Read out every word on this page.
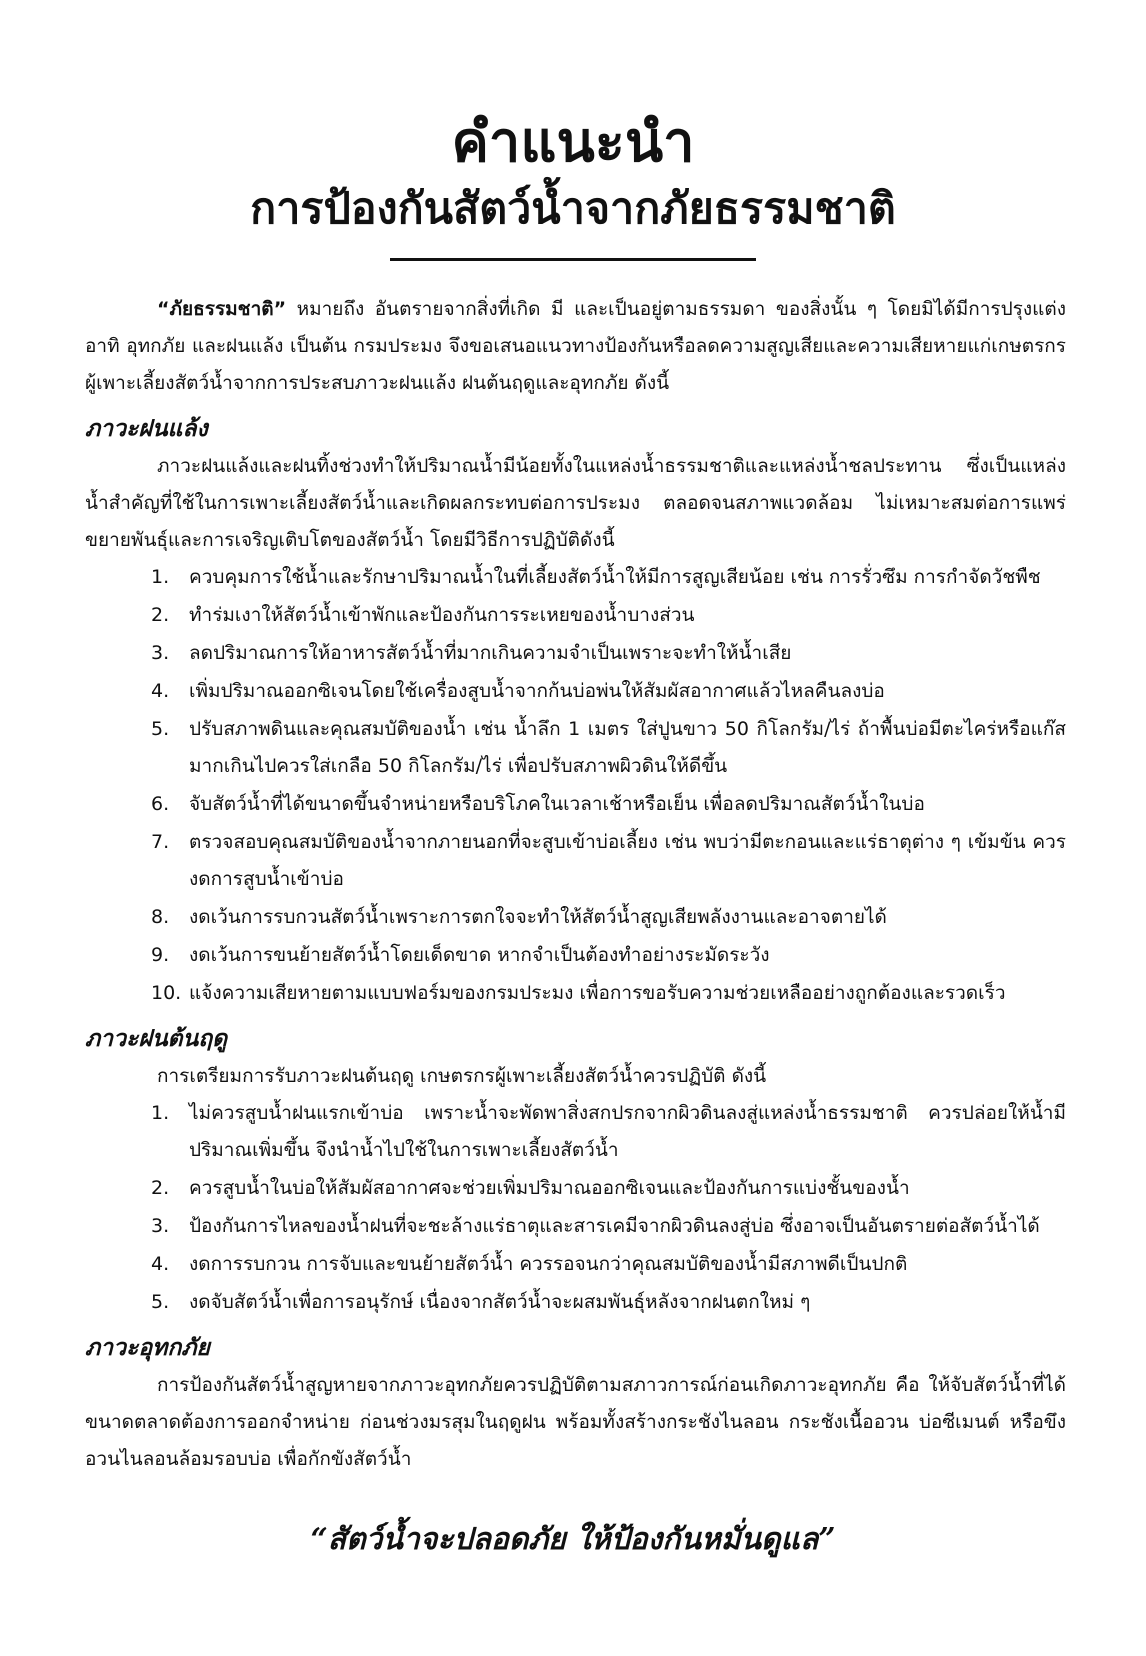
คำแนะนำ
การป้องกันสัตว์น้ำจากภัยธรรมชาติ

“ภัยธรรมชาติ” หมายถึง อันตรายจากสิ่งที่เกิด มี และเป็นอยู่ตามธรรมดา ของสิ่งนั้น ๆ โดยมิได้มีการปรุงแต่ง อาทิ อุทกภัย และฝนแล้ง เป็นต้น กรมประมง จึงขอเสนอแนวทางป้องกันหรือลดความสูญเสียและความเสียหายแก่เกษตรกรผู้เพาะเลี้ยงสัตว์น้ำจากการประสบภาวะฝนแล้ง ฝนต้นฤดูและอุทกภัย ดังนี้

ภาวะฝนแล้ง

ภาวะฝนแล้งและฝนทิ้งช่วงทำให้ปริมาณน้ำมีน้อยทั้งในแหล่งน้ำธรรมชาติและแหล่งน้ำชลประทาน ซึ่งเป็นแหล่งน้ำสำคัญที่ใช้ในการเพาะเลี้ยงสัตว์น้ำและเกิดผลกระทบต่อการประมง ตลอดจนสภาพแวดล้อม ไม่เหมาะสมต่อการแพร่ขยายพันธุ์และการเจริญเติบโตของสัตว์น้ำ โดยมีวิธีการปฏิบัติดังนี้

1.	ควบคุมการใช้น้ำและรักษาปริมาณน้ำในที่เลี้ยงสัตว์น้ำให้มีการสูญเสียน้อย เช่น การรั่วซึม การกำจัดวัชพืช
2.	ทำร่มเงาให้สัตว์น้ำเข้าพักและป้องกันการระเหยของน้ำบางส่วน
3.	ลดปริมาณการให้อาหารสัตว์น้ำที่มากเกินความจำเป็นเพราะจะทำให้น้ำเสีย
4.	เพิ่มปริมาณออกซิเจนโดยใช้เครื่องสูบน้ำจากก้นบ่อพ่นให้สัมผัสอากาศแล้วไหลคืนลงบ่อ
5.	ปรับสภาพดินและคุณสมบัติของน้ำ เช่น น้ำลึก 1 เมตร ใส่ปูนขาว 50 กิโลกรัม/ไร่ ถ้าพื้นบ่อมีตะไคร่หรือแก๊สมากเกินไปควรใส่เกลือ 50 กิโลกรัม/ไร่ เพื่อปรับสภาพผิวดินให้ดีขึ้น
6.	จับสัตว์น้ำที่ได้ขนาดขึ้นจำหน่ายหรือบริโภคในเวลาเช้าหรือเย็น เพื่อลดปริมาณสัตว์น้ำในบ่อ
7.	ตรวจสอบคุณสมบัติของน้ำจากภายนอกที่จะสูบเข้าบ่อเลี้ยง เช่น พบว่ามีตะกอนและแร่ธาตุต่าง ๆ เข้มข้น ควรงดการสูบน้ำเข้าบ่อ
8.	งดเว้นการรบกวนสัตว์น้ำเพราะการตกใจจะทำให้สัตว์น้ำสูญเสียพลังงานและอาจตายได้
9.	งดเว้นการขนย้ายสัตว์น้ำโดยเด็ดขาด หากจำเป็นต้องทำอย่างระมัดระวัง
10. แจ้งความเสียหายตามแบบฟอร์มของกรมประมง เพื่อการขอรับความช่วยเหลืออย่างถูกต้องและรวดเร็ว
ภาวะฝนต้นฤดู

การเตรียมการรับภาวะฝนต้นฤดู เกษตรกรผู้เพาะเลี้ยงสัตว์น้ำควรปฏิบัติ ดังนี้

1.	ไม่ควรสูบน้ำฝนแรกเข้าบ่อ เพราะน้ำจะพัดพาสิ่งสกปรกจากผิวดินลงสู่แหล่งน้ำธรรมชาติ ควรปล่อยให้น้ำมีปริมาณเพิ่มขึ้น จึงนำน้ำไปใช้ในการเพาะเลี้ยงสัตว์น้ำ
2.	ควรสูบน้ำในบ่อให้สัมผัสอากาศจะช่วยเพิ่มปริมาณออกซิเจนและป้องกันการแบ่งชั้นของน้ำ
3.	ป้องกันการไหลของน้ำฝนที่จะชะล้างแร่ธาตุและสารเคมีจากผิวดินลงสู่บ่อ ซึ่งอาจเป็นอันตรายต่อสัตว์น้ำได้
4.	งดการรบกวน การจับและขนย้ายสัตว์น้ำ ควรรอจนกว่าคุณสมบัติของน้ำมีสภาพดีเป็นปกติ
5.	งดจับสัตว์น้ำเพื่อการอนุรักษ์ เนื่องจากสัตว์น้ำจะผสมพันธุ์หลังจากฝนตกใหม่ ๆ
ภาวะอุทกภัย

การป้องกันสัตว์น้ำสูญหายจากภาวะอุทกภัยควรปฏิบัติตามสภาวการณ์ก่อนเกิดภาวะอุทกภัย คือ ให้จับสัตว์น้ำที่ได้ขนาดตลาดต้องการออกจำหน่าย ก่อนช่วงมรสุมในฤดูฝน พร้อมทั้งสร้างกระชังไนลอน กระชังเนื้ออวน บ่อซีเมนต์ หรือขึงอวนไนลอนล้อมรอบบ่อ เพื่อกักขังสัตว์น้ำ

“สัตว์น้ำจะปลอดภัย ให้ป้องกันหมั่นดูแล”
